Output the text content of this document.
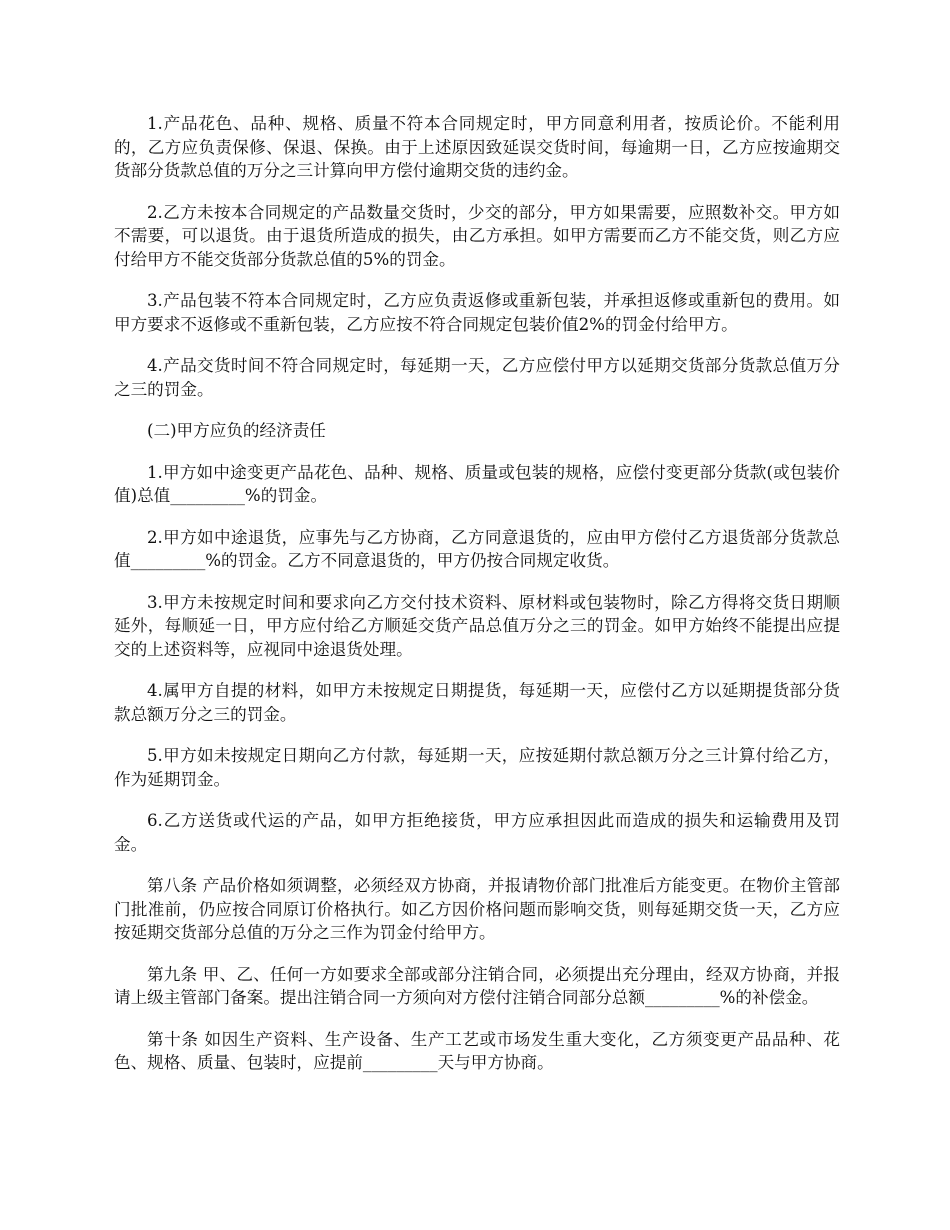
1.产品花色、品种、规格、质量不符本合同规定时，甲方同意利用者，按质论价。不能利用的，乙方应负责保修、保退、保换。由于上述原因致延误交货时间，每逾期一日，乙方应按逾期交货部分货款总值的万分之三计算向甲方偿付逾期交货的违约金。

2.乙方未按本合同规定的产品数量交货时，少交的部分，甲方如果需要，应照数补交。甲方如不需要，可以退货。由于退货所造成的损失，由乙方承担。如甲方需要而乙方不能交货，则乙方应付给甲方不能交货部分货款总值的5%的罚金。

3.产品包装不符本合同规定时，乙方应负责返修或重新包装，并承担返修或重新包的费用。如甲方要求不返修或不重新包装，乙方应按不符合同规定包装价值2%的罚金付给甲方。

4.产品交货时间不符合同规定时，每延期一天，乙方应偿付甲方以延期交货部分货款总值万分之三的罚金。

(二)甲方应负的经济责任

1.甲方如中途变更产品花色、品种、规格、质量或包装的规格，应偿付变更部分货款(或包装价值)总值_________%的罚金。

2.甲方如中途退货，应事先与乙方协商，乙方同意退货的，应由甲方偿付乙方退货部分货款总值_________%的罚金。乙方不同意退货的，甲方仍按合同规定收货。

3.甲方未按规定时间和要求向乙方交付技术资料、原材料或包装物时，除乙方得将交货日期顺延外，每顺延一日，甲方应付给乙方顺延交货产品总值万分之三的罚金。如甲方始终不能提出应提交的上述资料等，应视同中途退货处理。

4.属甲方自提的材料，如甲方未按规定日期提货，每延期一天，应偿付乙方以延期提货部分货款总额万分之三的罚金。

5.甲方如未按规定日期向乙方付款，每延期一天，应按延期付款总额万分之三计算付给乙方，作为延期罚金。

6.乙方送货或代运的产品，如甲方拒绝接货，甲方应承担因此而造成的损失和运输费用及罚金。

第八条 产品价格如须调整，必须经双方协商，并报请物价部门批准后方能变更。在物价主管部门批准前，仍应按合同原订价格执行。如乙方因价格问题而影响交货，则每延期交货一天，乙方应按延期交货部分总值的万分之三作为罚金付给甲方。

第九条 甲、乙、任何一方如要求全部或部分注销合同，必须提出充分理由，经双方协商，并报请上级主管部门备案。提出注销合同一方须向对方偿付注销合同部分总额_________%的补偿金。

第十条 如因生产资料、生产设备、生产工艺或市场发生重大变化，乙方须变更产品品种、花色、规格、质量、包装时，应提前_________天与甲方协商。
